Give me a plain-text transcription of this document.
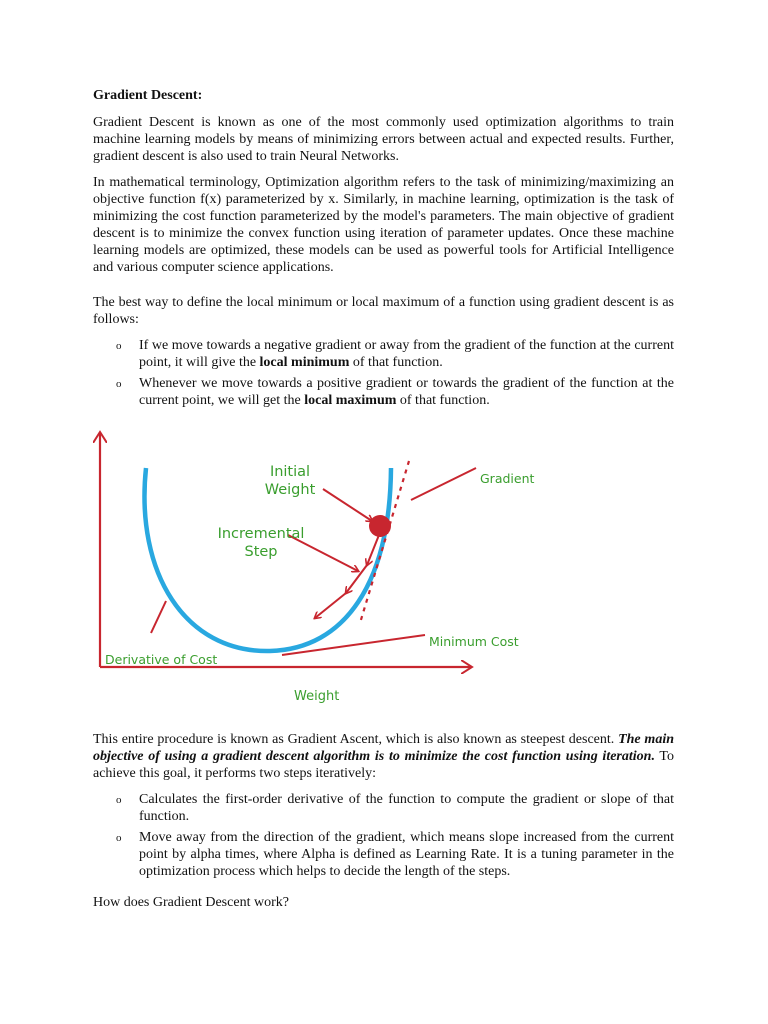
Gradient Descent:

Gradient Descent is known as one of the most commonly used optimization algorithms to train machine learning models by means of minimizing errors between actual and expected results. Further, gradient descent is also used to train Neural Networks.

In mathematical terminology, Optimization algorithm refers to the task of minimizing/maximizing an objective function f(x) parameterized by x. Similarly, in machine learning, optimization is the task of minimizing the cost function parameterized by the model's parameters. The main objective of gradient descent is to minimize the convex function using iteration of parameter updates. Once these machine learning models are optimized, these models can be used as powerful tools for Artificial Intelligence and various computer science applications.

The best way to define the local minimum or local maximum of a function using gradient descent is as follows:

o If we move towards a negative gradient or away from the gradient of the function at the current point, it will give the local minimum of that function.
o Whenever we move towards a positive gradient or towards the gradient of the function at the current point, we will get the local maximum of that function.
Initial
Weight
Incremental
Step
Gradient
Minimum Cost
Derivative of Cost
Weight

This entire procedure is known as Gradient Ascent, which is also known as steepest descent. The main objective of using a gradient descent algorithm is to minimize the cost function using iteration. To achieve this goal, it performs two steps iteratively:

o Calculates the first-order derivative of the function to compute the gradient or slope of that function.
o Move away from the direction of the gradient, which means slope increased from the current point by alpha times, where Alpha is defined as Learning Rate. It is a tuning parameter in the optimization process which helps to decide the length of the steps.

How does Gradient Descent work?
